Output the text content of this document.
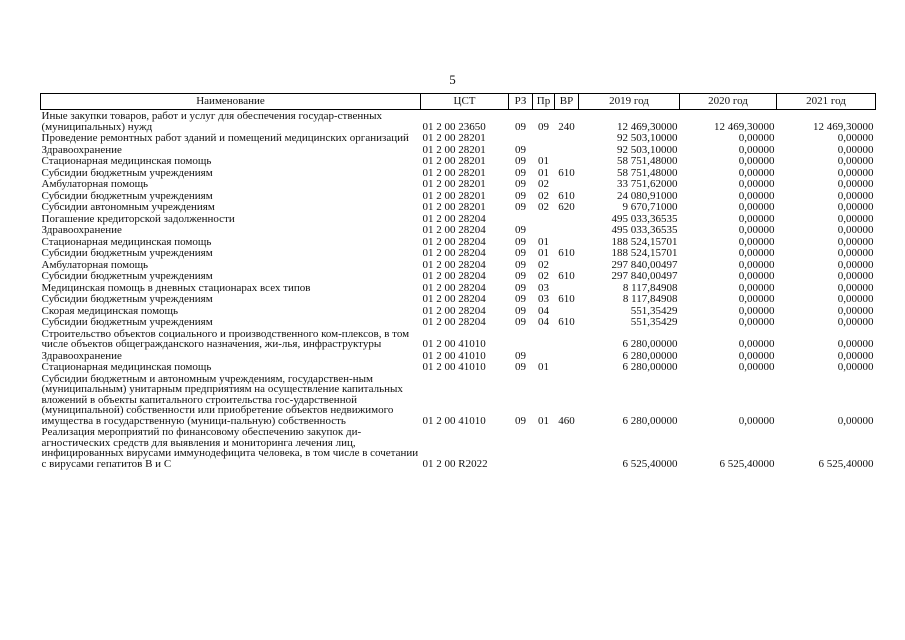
5
Наименование	ЦСТ	РЗ	Пр	ВР	2019 год	2020 год	2021 год
Иные закупки товаров, работ и услуг для обеспечения государ-ственных (муниципальных) нужд	01 2 00 23650	09	09	240	12 469,30000	12 469,30000	12 469,30000
Проведение ремонтных работ зданий и помещений медицинских организаций	01 2 00 28201				92 503,10000	0,00000	0,00000
Здравоохранение	01 2 00 28201	09			92 503,10000	0,00000	0,00000
Стационарная медицинская помощь	01 2 00 28201	09	01		58 751,48000	0,00000	0,00000
Субсидии бюджетным учреждениям	01 2 00 28201	09	01	610	58 751,48000	0,00000	0,00000
Амбулаторная помощь	01 2 00 28201	09	02		33 751,62000	0,00000	0,00000
Субсидии бюджетным учреждениям	01 2 00 28201	09	02	610	24 080,91000	0,00000	0,00000
Субсидии автономным учреждениям	01 2 00 28201	09	02	620	9 670,71000	0,00000	0,00000
Погашение кредиторской задолженности	01 2 00 28204				495 033,36535	0,00000	0,00000
Здравоохранение	01 2 00 28204	09			495 033,36535	0,00000	0,00000
Стационарная медицинская помощь	01 2 00 28204	09	01		188 524,15701	0,00000	0,00000
Субсидии бюджетным учреждениям	01 2 00 28204	09	01	610	188 524,15701	0,00000	0,00000
Амбулаторная помощь	01 2 00 28204	09	02		297 840,00497	0,00000	0,00000
Субсидии бюджетным учреждениям	01 2 00 28204	09	02	610	297 840,00497	0,00000	0,00000
Медицинская помощь в дневных стационарах всех типов	01 2 00 28204	09	03		8 117,84908	0,00000	0,00000
Субсидии бюджетным учреждениям	01 2 00 28204	09	03	610	8 117,84908	0,00000	0,00000
Скорая медицинская помощь	01 2 00 28204	09	04		551,35429	0,00000	0,00000
Субсидии бюджетным учреждениям	01 2 00 28204	09	04	610	551,35429	0,00000	0,00000
Строительство объектов социального и производственного ком-плексов, в том числе объектов общегражданского назначения, жи-лья, инфраструктуры	01 2 00 41010				6 280,00000	0,00000	0,00000
Здравоохранение	01 2 00 41010	09			6 280,00000	0,00000	0,00000
Стационарная медицинская помощь	01 2 00 41010	09	01		6 280,00000	0,00000	0,00000
Субсидии бюджетным и автономным учреждениям, государствен-ным (муниципальным) унитарным предприятиям на осуществление капитальных вложений в объекты капитального строительства гос-ударственной (муниципальной) собственности или приобретение объектов недвижимого имущества в государственную (муници-пальную) собственность	01 2 00 41010	09	01	460	6 280,00000	0,00000	0,00000
Реализация мероприятий по финансовому обеспечению закупок ди-агностических средств для выявления и мониторинга лечения лиц, инфицированных вирусами иммунодефицита человека, в том числе в сочетании с вирусами гепатитов В и С	01 2 00 R2022				6 525,40000	6 525,40000	6 525,40000
